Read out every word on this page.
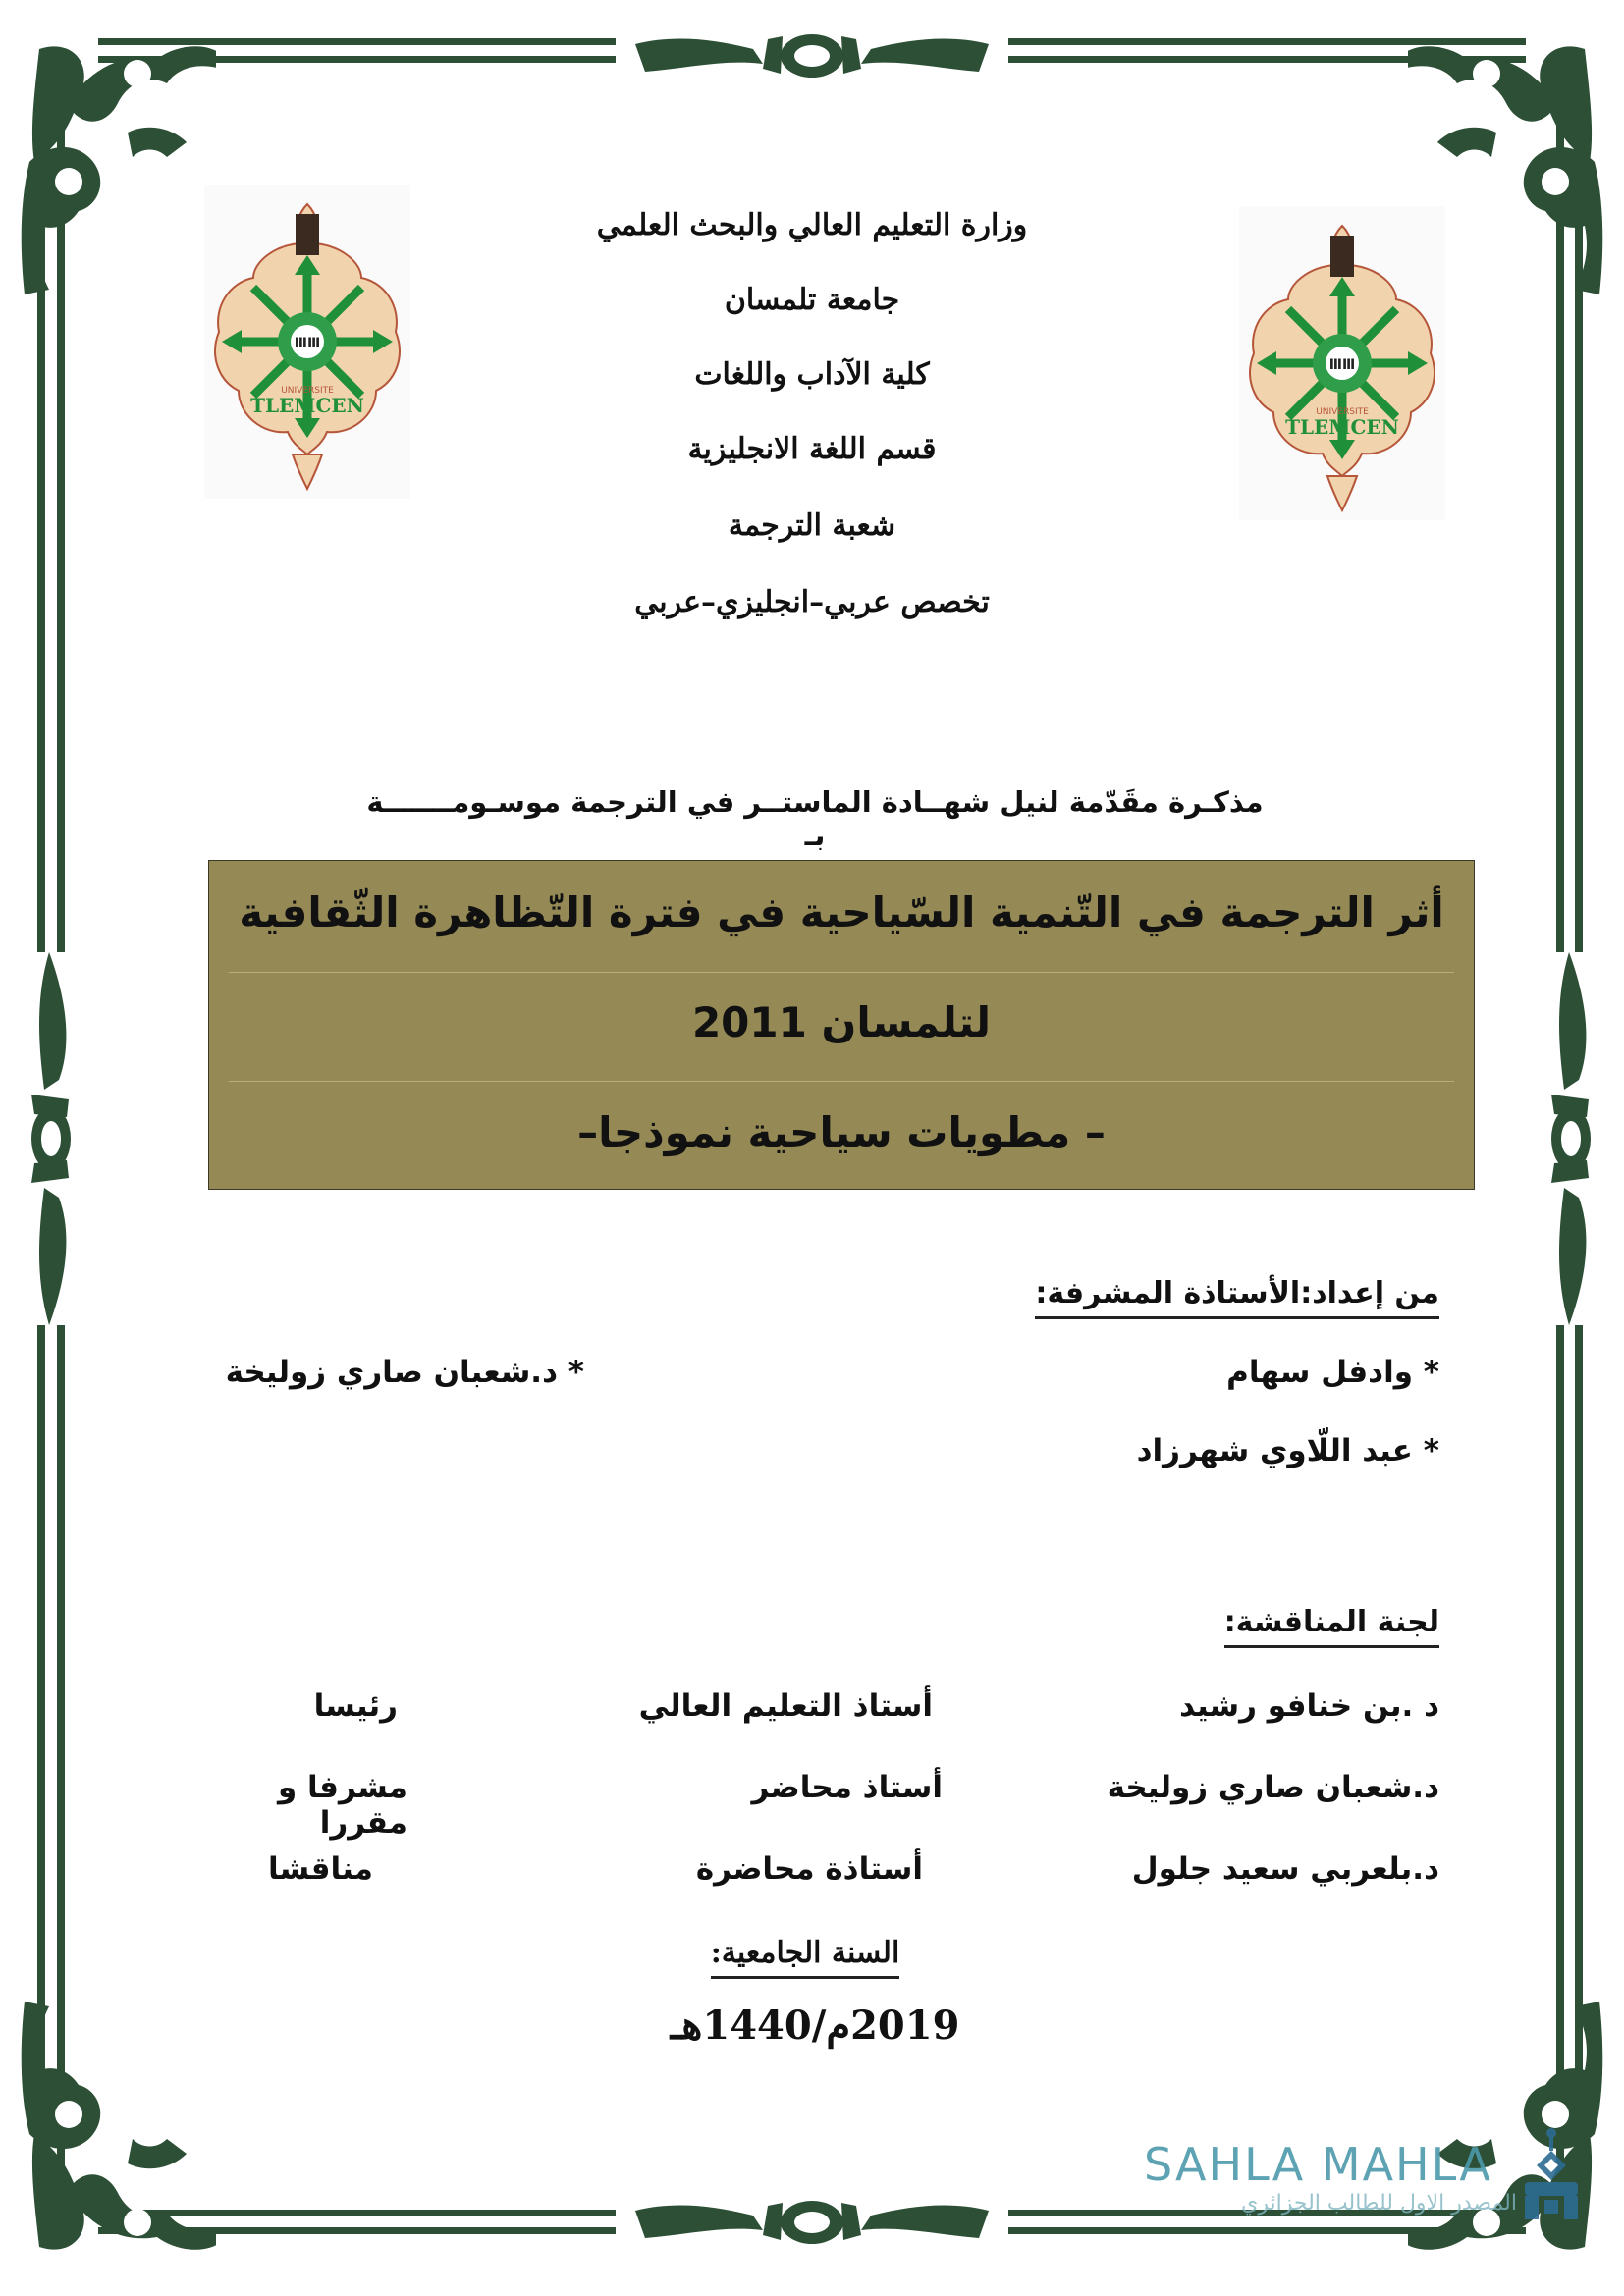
ⅢⅢ
UNIVERSITE
TLEMCEN
ⅢⅢ
UNIVERSITE
TLEMCEN
وزارة التعليم العالي والبحث العلمي
جامعة تلمسان
كلية الآداب واللغات
قسم اللغة الانجليزية
شعبة الترجمة
تخصص عربي–انجليزي–عربي
مذكـرة مقَدّمة لنيل شهــادة الماستــر في الترجمة موسـومـــــــة بـ
أثر الترجمة في التّنمية السّياحية في فترة التّظاهرة الثّقافية
لتلمسان 2011
– مطويات سياحية نموذجا–
من إعداد:الأستاذة المشرفة:
* وادفل سهام
* عبد اللّاوي شهرزاد
* د.شعبان صاري زوليخة
لجنة المناقشة:
د .بن خنافو رشيد
أستاذ التعليم العالي
رئيسا
د.شعبان صاري زوليخة
أستاذ محاضر
مشرفا و مقررا
د.بلعربي سعيد جلول
أستاذة محاضرة
مناقشا
السنة الجامعية:
2019م/1440هـ
SAHLA MAHLA
المصدر الاول للطالب الجزائري
